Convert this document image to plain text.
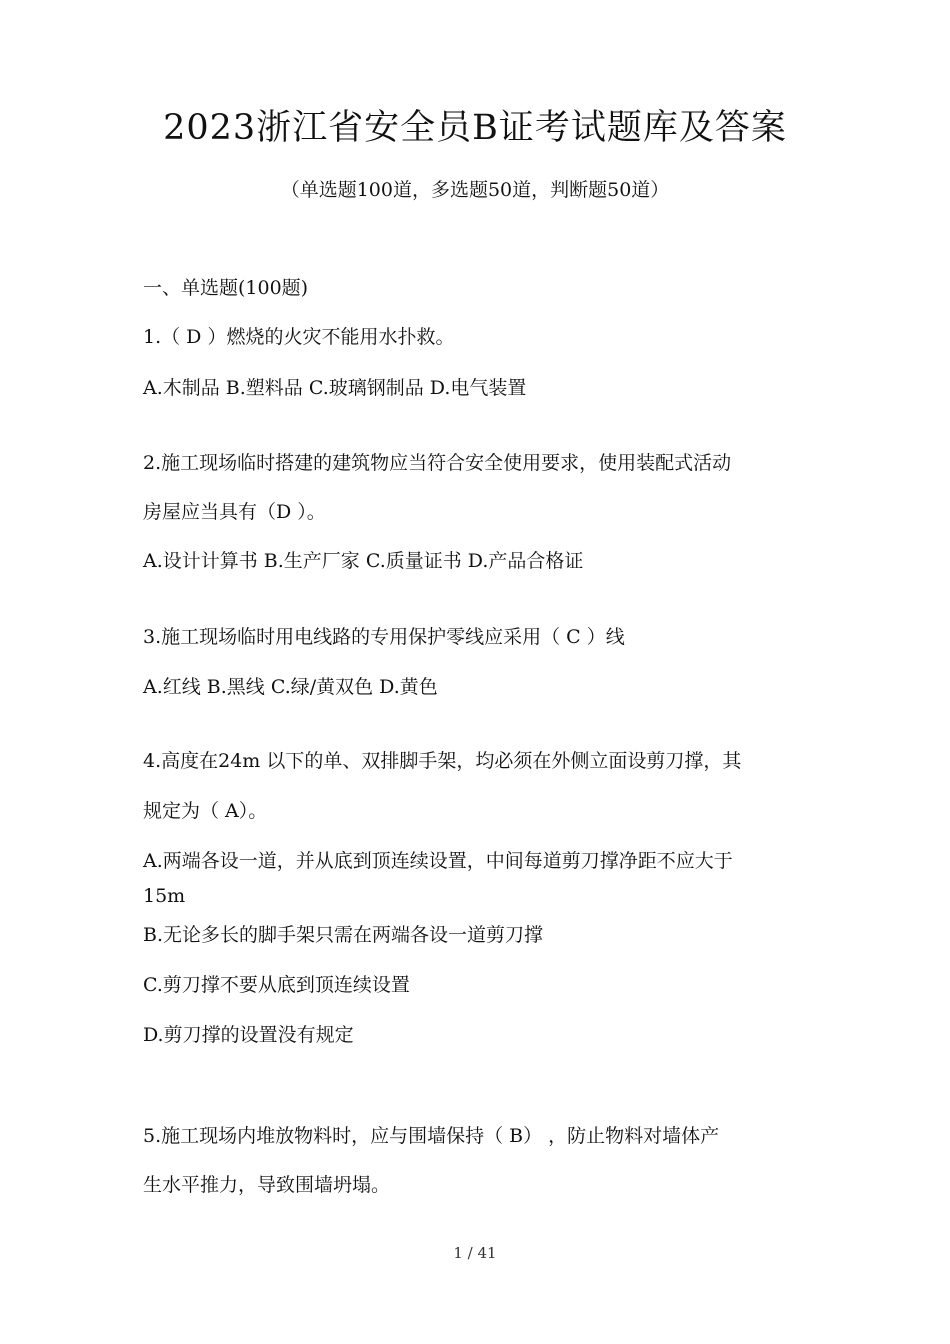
2023浙江省安全员B证考试题库及答案
（单选题100道，多选题50道，判断题50道）
一、单选题(100题)
1.（ D ）燃烧的火灾不能用水扑救。
A.木制品 B.塑料品 C.玻璃钢制品 D.电气装置
2.施工现场临时搭建的建筑物应当符合安全使用要求，使用装配式活动
房屋应当具有（D ）。
A.设计计算书 B.生产厂家 C.质量证书 D.产品合格证
3.施工现场临时用电线路的专用保护零线应采用（ C ）线
A.红线 B.黑线 C.绿/黄双色 D.黄色
4.高度在24m 以下的单、双排脚手架，均必须在外侧立面设剪刀撑，其
规定为（ A）。
A.两端各设一道，并从底到顶连续设置，中间每道剪刀撑净距不应大于
15m
B.无论多长的脚手架只需在两端各设一道剪刀撑
C.剪刀撑不要从底到顶连续设置
D.剪刀撑的设置没有规定
5.施工现场内堆放物料时，应与围墙保持（ B） ，防止物料对墙体产
生水平推力，导致围墙坍塌。
1 / 41
